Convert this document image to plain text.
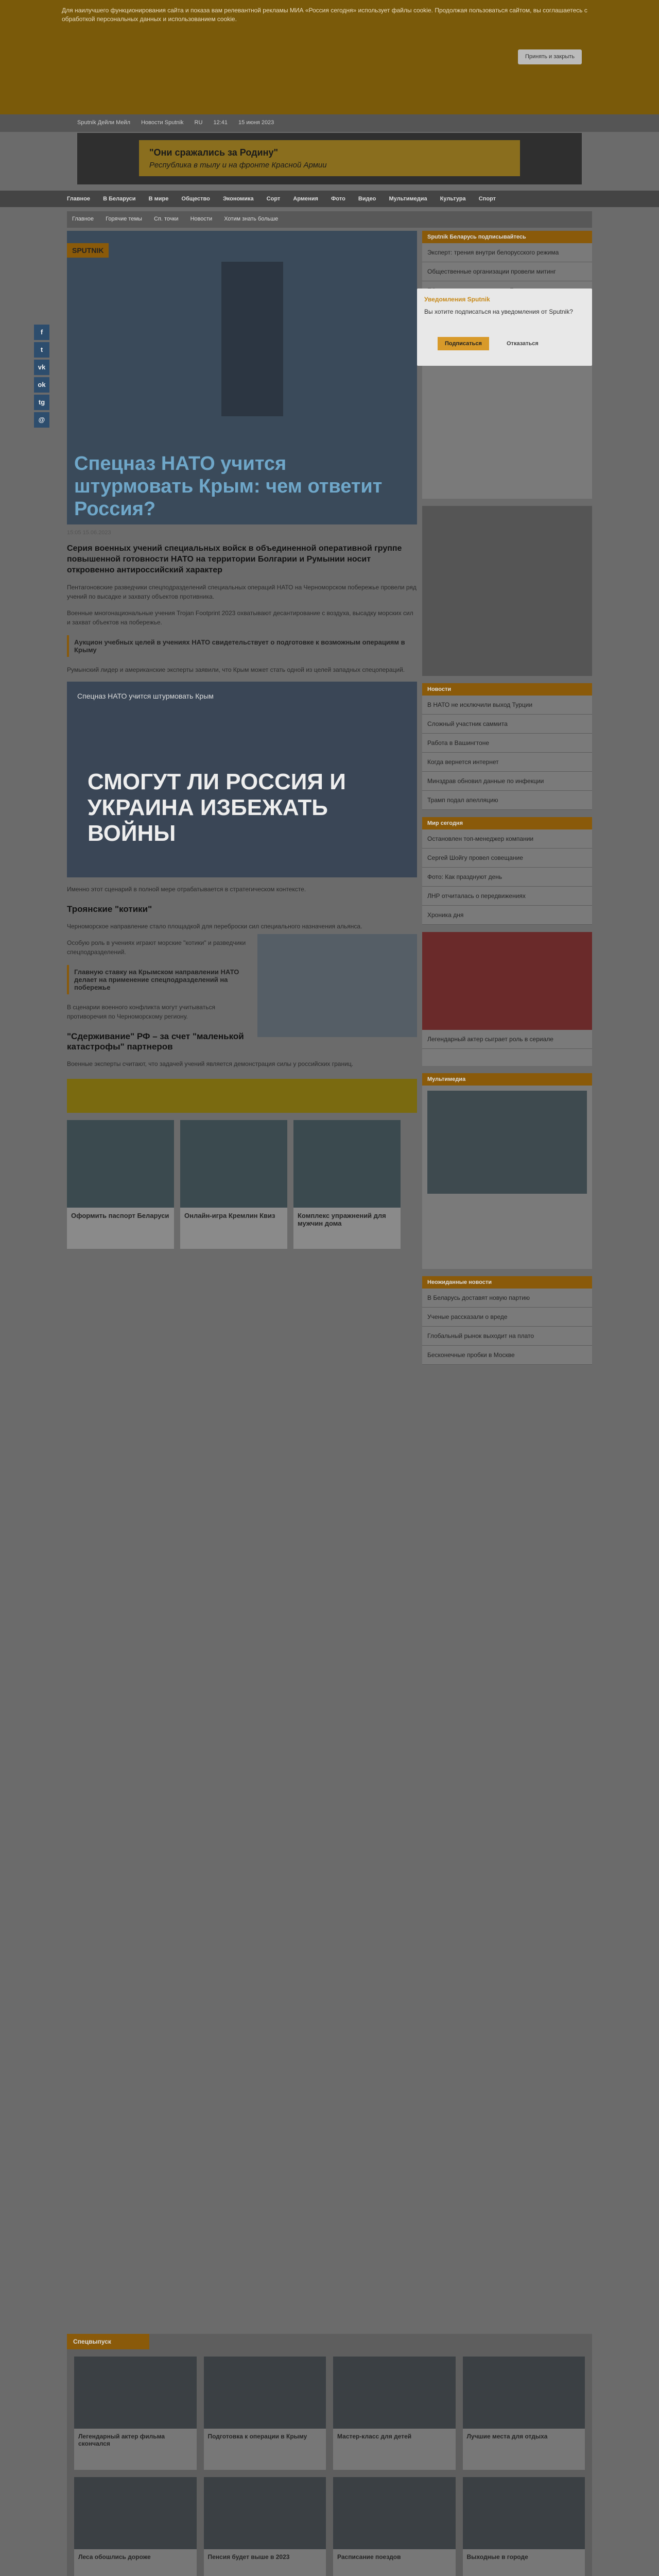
Для наилучшего функционирования сайта и показа вам релевантной рекламы МИА «Россия сегодня» использует файлы cookie. Продолжая пользоваться сайтом, вы соглашаетесь с обработкой персональных данных и использованием cookie.
Принять и закрыть
Sputnik Дейли Мейл Новости Sputnik RU 12:41 15 июня 2023
"Они сражались за Родину"
Республика в тылу и на фронте Красной Армии
Главное В Беларуси В мире Общество Экономика Сорт Армения Фото Видео Мультимедиа Культура Спорт
Главное Горячие темы Сп. точки Новости Хотим знать больше
f
t
vk
ok
tg
@
SPUTNIK
Спецназ НАТО учится штурмовать Крым: чем ответит Россия?
15:05 15.06.2023
Серия военных учений специальных войск в объединенной оперативной группе повышенной готовности НАТО на территории Болгарии и Румынии носит откровенно антироссийский характер
Пентагоновские разведчики спецподразделений специальных операций НАТО на Черноморском побережье провели ряд учений по высадке и захвату объектов противника.
Военные многонациональные учения Trojan Footprint 2023 охватывают десантирование с воздуха, высадку морских сил и захват объектов на побережье.
Аукцион учебных целей в учениях НАТО свидетельствует о подготовке к возможным операциям в Крыму
Румынский лидер и американские эксперты заявили, что Крым может стать одной из целей западных спецопераций.
Спецназ НАТО учится штурмовать Крым
СМОГУТ ЛИ РОССИЯ И УКРАИНА ИЗБЕЖАТЬ ВОЙНЫ
Именно этот сценарий в полной мере отрабатывается в стратегическом контексте.
Троянские "котики"
Черноморское направление стало площадкой для переброски сил специального назначения альянса.
Особую роль в учениях играют морские "котики" и разведчики спецподразделений.
Главную ставку на Крымском направлении НАТО делает на применение спецподразделений на побережье
В сценарии военного конфликта могут учитываться противоречия по Черноморскому региону.
"Сдерживание" РФ – за счет "маленькой катастрофы" партнеров
Военные эксперты считают, что задачей учений является демонстрация силы у российских границ.
Оформить паспорт Беларуси	Онлайн-игра Кремлин Квиз	Комплекс упражнений для мужчин дома
Уведомления Sputnik
Вы хотите подписаться на уведомления от Sputnik?
Подписаться	Отказаться
Sputnik Беларусь подписывайтесь
Эксперт: трения внутри белорусского режима
Общественные организации провели митинг
Новости
В НАТО не исключили выход Турции
Сложный участник саммита
Работа в Вашингтоне
Когда вернется интернет
Минздрав обновил данные по инфекции
Трамп подал апелляцию
Мир сегодня
Остановлен топ-менеджер компании
Сергей Шойгу провел совещание
Фото: Как празднуют день
ЛНР отчиталась о передвижениях
Хроника дня
Легендарный актер сыграет роль в сериале
Мультимедиа
Неожиданные новости
В Беларусь доставят новую партию
Ученые рассказали о вреде
Глобальный рынок выходит на плато
Бесконечные пробки в Москве
Спецвыпуск
Легендарный актер фильма скончался
Подготовка к операции в Крыму	Мастер-класс для детей	Лучшие места для отдыха
Леса обошлись дороже	Пенсия будет выше в 2023	Расписание поездов	Выходные в городе
